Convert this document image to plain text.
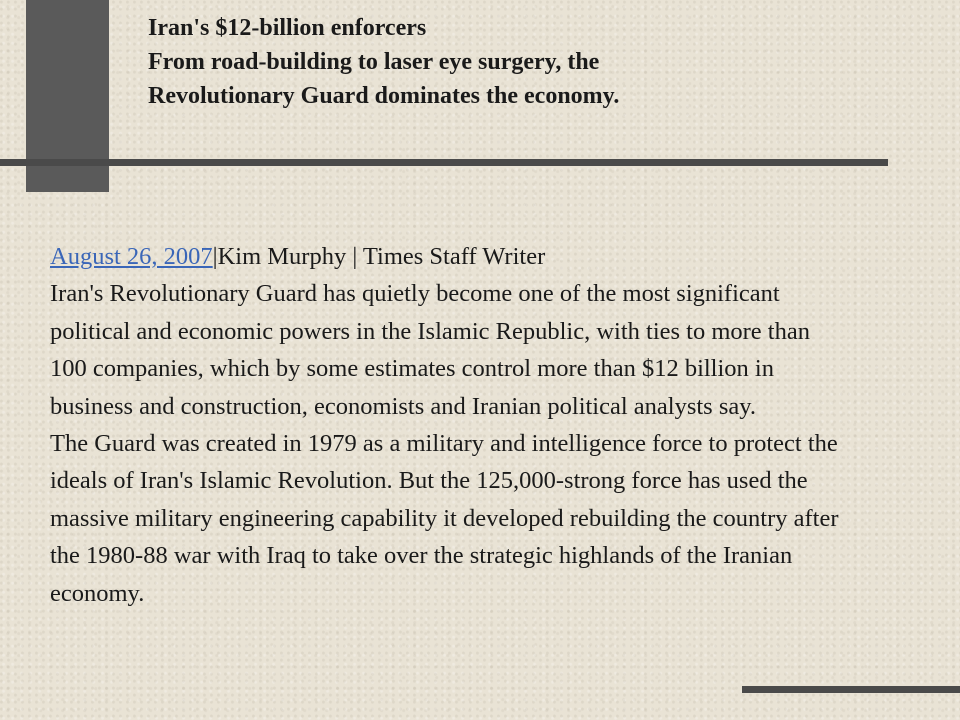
Iran's $12-billion enforcers
From road-building to laser eye surgery, the
Revolutionary Guard dominates the economy.
August 26, 2007|Kim Murphy | Times Staff Writer

Iran's Revolutionary Guard has quietly become one of the most significant political and economic powers in the Islamic Republic, with ties to more than 100 companies, which by some estimates control more than $12 billion in business and construction, economists and Iranian political analysts say.

The Guard was created in 1979 as a military and intelligence force to protect the ideals of Iran's Islamic Revolution. But the 125,000-strong force has used the massive military engineering capability it developed rebuilding the country after the 1980-88 war with Iraq to take over the strategic highlands of the Iranian economy.
